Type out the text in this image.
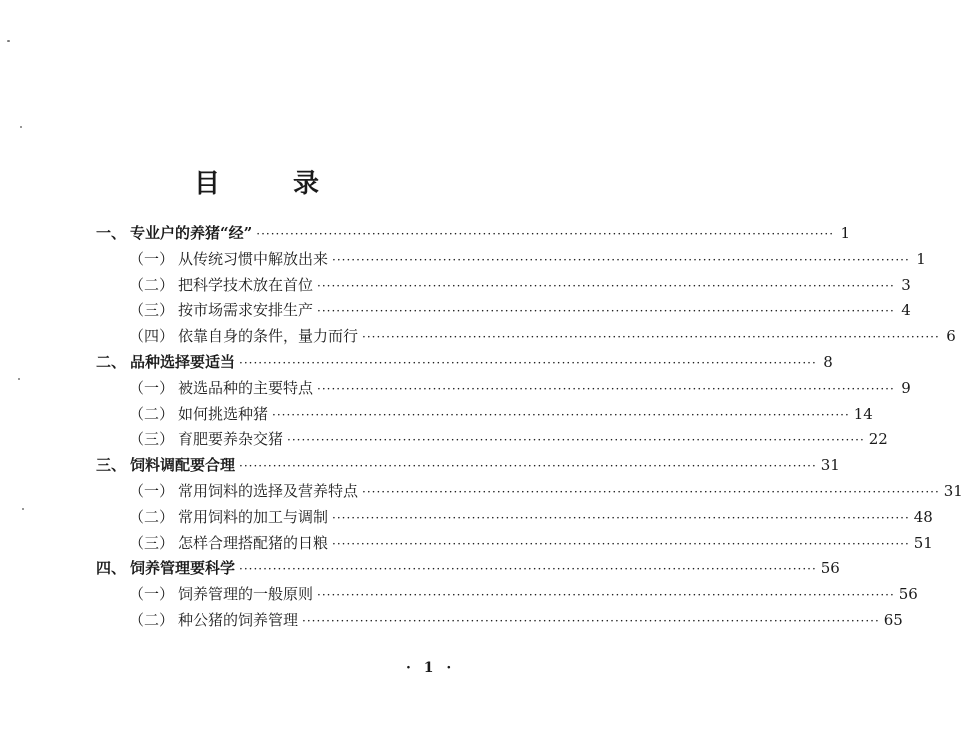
目 录
一、 专业户的养猪“经” ························································································································ 1
（一） 从传统习惯中解放出来 ························································································································ 1
（二） 把科学技术放在首位 ························································································································ 3
（三） 按市场需求安排生产 ························································································································ 4
（四） 依靠自身的条件，量力而行 ························································································································ 6
二、 品种选择要适当 ························································································································ 8
（一） 被选品种的主要特点 ························································································································ 9
（二） 如何挑选种猪 ························································································································ 14
（三） 育肥要养杂交猪 ························································································································ 22
三、 饲料调配要合理 ························································································································ 31
（一） 常用饲料的选择及营养特点 ························································································································ 31
（二） 常用饲料的加工与调制 ························································································································ 48
（三） 怎样合理搭配猪的日粮 ························································································································ 51
四、 饲养管理要科学 ························································································································ 56
（一） 饲养管理的一般原则 ························································································································ 56
（二） 种公猪的饲养管理 ························································································································ 65
· 1 ·
